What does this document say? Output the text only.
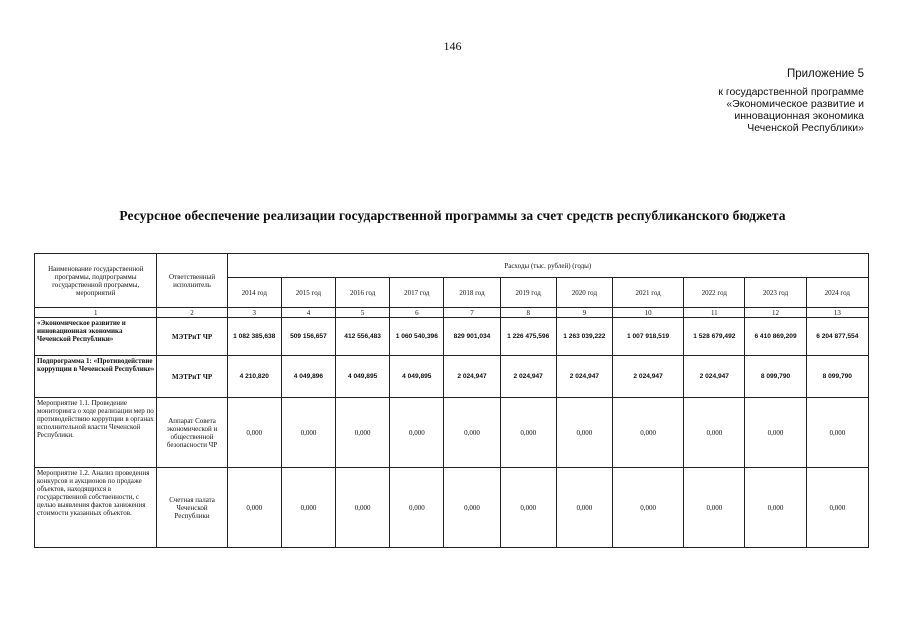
146
Приложение 5
к государственной программе
«Экономическое развитие и
инновационная экономика
Чеченской Республики»
Ресурсное обеспечение реализации государственной программы за счет средств республиканского бюджета
Наименование государственной программы, подпрограммы государственной программы, мероприятий	Ответственный исполнитель	Расходы (тыс. рублей) (годы)										
		2014 год	2015 год	2016 год	2017 год	2018 год	2019 год	2020 год	2021 год	2022 год	2023 год	2024 год
1	2	3	4	5	6	7	8	9	10	11	12	13
«Экономическое развитие и инновационная экономика Чеченской Республики»	МЭТРиТ ЧР	1 082 385,638	509 156,657	412 556,483	1 060 540,396	829 901,034	1 226 475,596	1 263 039,222	1 007 918,519	1 528 679,492	6 410 869,209	6 204 877,554
Подпрограмма 1: «Противодействие коррупции в Чеченской Республике»	МЭТРиТ ЧР	4 210,820	4 049,896	4 049,895	4 049,895	2 024,947	2 024,947	2 024,947	2 024,947	2 024,947	8 099,790	8 099,790
Мероприятие 1.1. Проведение мониторинга о ходе реализации мер по противодействию коррупции в органах исполнительной власти Чеченской Республики.	Аппарат Совета экономической и общественной безопасности ЧР	0,000	0,000	0,000	0,000	0,000	0,000	0,000	0,000	0,000	0,000	0,000
Мероприятие 1.2. Анализ проведения конкурсов и аукционов по продаже объектов, находящихся в государственной собственности, с целью выявления фактов занижения стоимости указанных объектов.	Счетная палата Чеченской Республики	0,000	0,000	0,000	0,000	0,000	0,000	0,000	0,000	0,000	0,000	0,000
